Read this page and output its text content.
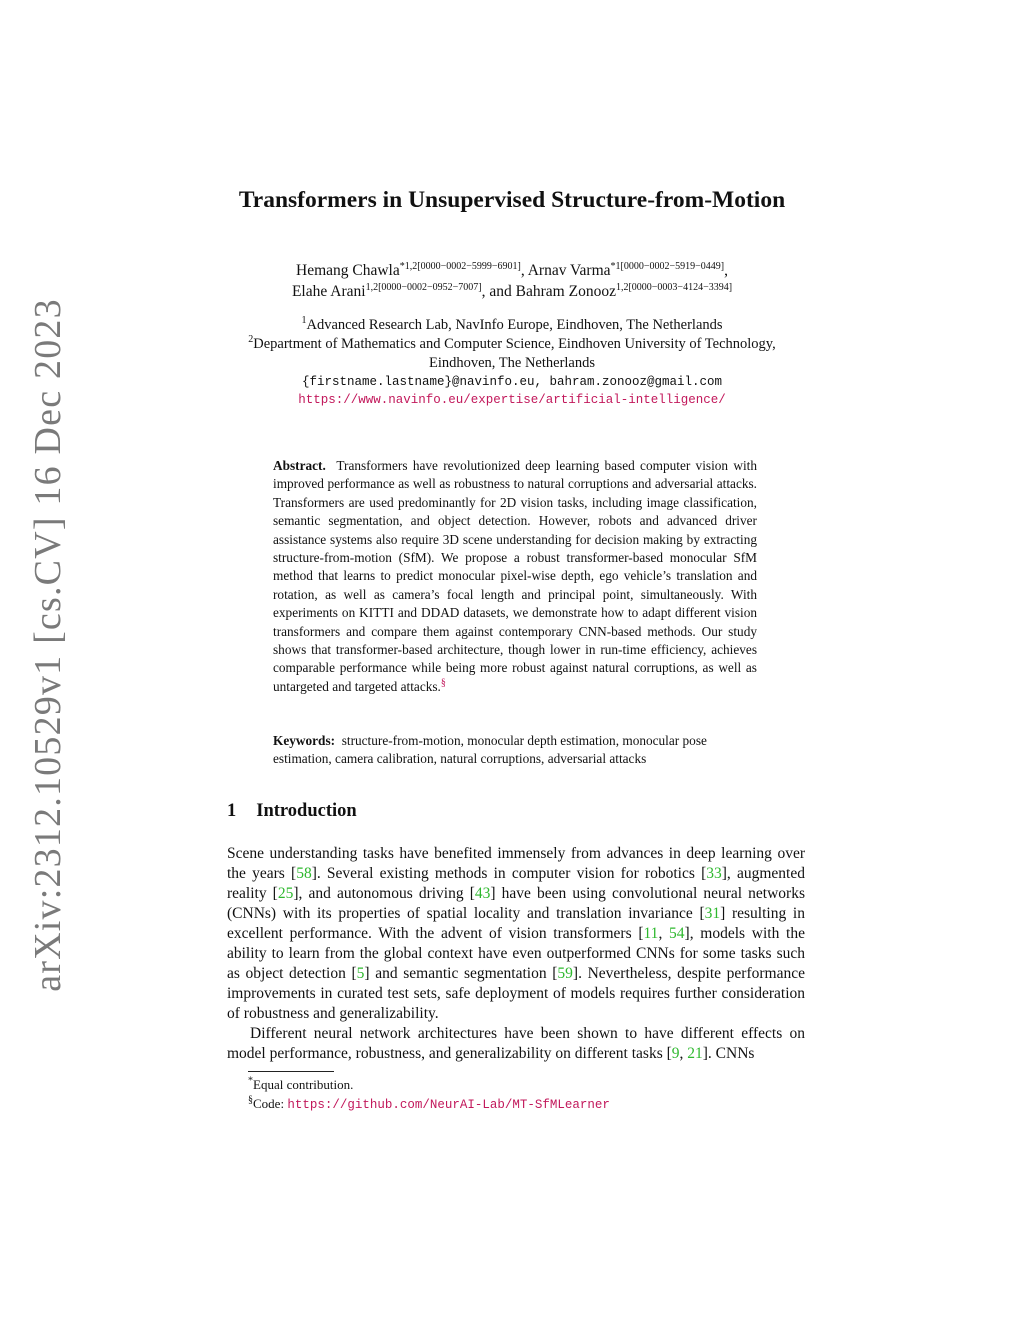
arXiv:2312.10529v1 [cs.CV] 16 Dec 2023
Transformers in Unsupervised Structure-from-Motion
Hemang Chawla$^{*1,2[0000-0002-5999-6901]}$, Arnav Varma$^{*1[0000-0002-5919-0449]}$,
Elahe Arani$^{1,2[0000-0002-0952-7007]}$, and Bahram Zonooz$^{1,2[0000-0003-4124-3394]}$
$^1$Advanced Research Lab, NavInfo Europe, Eindhoven, The Netherlands
$^2$Department of Mathematics and Computer Science, Eindhoven University of Technology,
Eindhoven, The Netherlands
{firstname.lastname}@navinfo.eu, bahram.zonooz@gmail.com
https://www.navinfo.eu/expertise/artificial-intelligence/
Abstract. Transformers have revolutionized deep learning based computer vision with improved performance as well as robustness to natural corruptions and adversarial attacks. Transformers are used predominantly for 2D vision tasks, including image classification, semantic segmentation, and object detection. However, robots and advanced driver assistance systems also require 3D scene understanding for decision making by extracting structure-from-motion (SfM). We propose a robust transformer-based monocular SfM method that learns to predict monocular pixel-wise depth, ego vehicle’s translation and rotation, as well as camera’s focal length and principal point, simultaneously. With experiments on KITTI and DDAD datasets, we demonstrate how to adapt different vision transformers and compare them against contemporary CNN-based methods. Our study shows that transformer-based architecture, though lower in run-time efficiency, achieves comparable performance while being more robust against natural corruptions, as well as untargeted and targeted attacks.§
Keywords: structure-from-motion, monocular depth estimation, monocular pose estimation, camera calibration, natural corruptions, adversarial attacks
1 Introduction

Scene understanding tasks have benefited immensely from advances in deep learning over the years [58]. Several existing methods in computer vision for robotics [33], augmented reality [25], and autonomous driving [43] have been using convolutional neural networks (CNNs) with its properties of spatial locality and translation invariance [31] resulting in excellent performance. With the advent of vision transformers [11, 54], models with the ability to learn from the global context have even outperformed CNNs for some tasks such as object detection [5] and semantic segmentation [59]. Nevertheless, despite performance improvements in curated test sets, safe deployment of models requires further consideration of robustness and generalizability.

Different neural network architectures have been shown to have different effects on model performance, robustness, and generalizability on different tasks [9, 21]. CNNs

*Equal contribution.
§Code: https://github.com/NeurAI-Lab/MT-SfMLearner
